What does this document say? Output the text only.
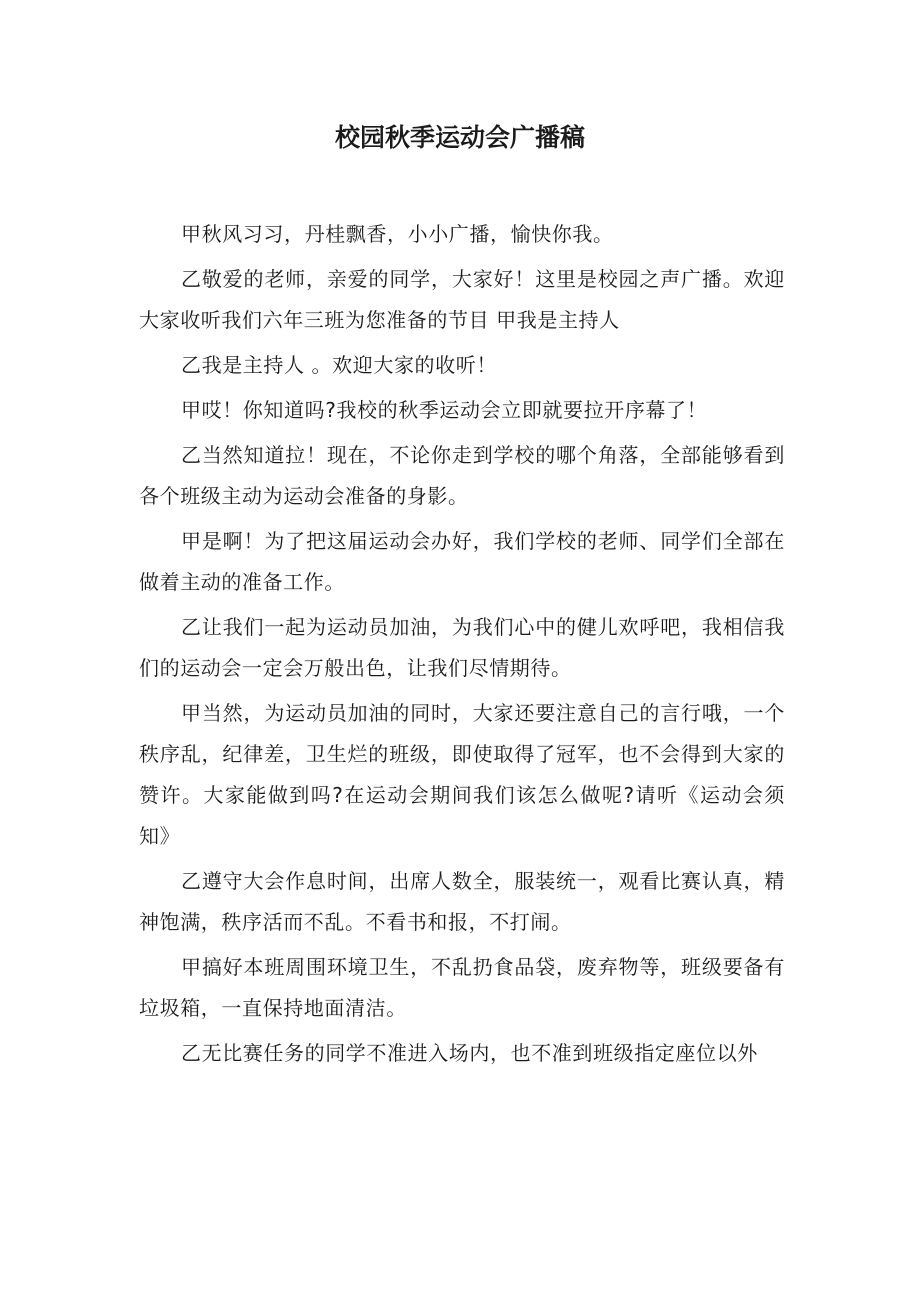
校园秋季运动会广播稿

甲秋风习习，丹桂飘香，小小广播，愉快你我。

乙敬爱的老师，亲爱的同学，大家好！这里是校园之声广播。欢迎大家收听我们六年三班为您准备的节目 甲我是主持人

乙我是主持人 。欢迎大家的收听！

甲哎！你知道吗?我校的秋季运动会立即就要拉开序幕了！

乙当然知道拉！现在，不论你走到学校的哪个角落，全部能够看到各个班级主动为运动会准备的身影。

甲是啊！为了把这届运动会办好，我们学校的老师、同学们全部在做着主动的准备工作。

乙让我们一起为运动员加油，为我们心中的健儿欢呼吧，我相信我们的运动会一定会万般出色，让我们尽情期待。

甲当然，为运动员加油的同时，大家还要注意自己的言行哦，一个秩序乱，纪律差，卫生烂的班级，即使取得了冠军，也不会得到大家的赞许。大家能做到吗?在运动会期间我们该怎么做呢?请听《运动会须知》

乙遵守大会作息时间，出席人数全，服装统一，观看比赛认真，精神饱满，秩序活而不乱。不看书和报，不打闹。

甲搞好本班周围环境卫生，不乱扔食品袋，废弃物等，班级要备有垃圾箱，一直保持地面清洁。

乙无比赛任务的同学不准进入场内，也不准到班级指定座位以外
